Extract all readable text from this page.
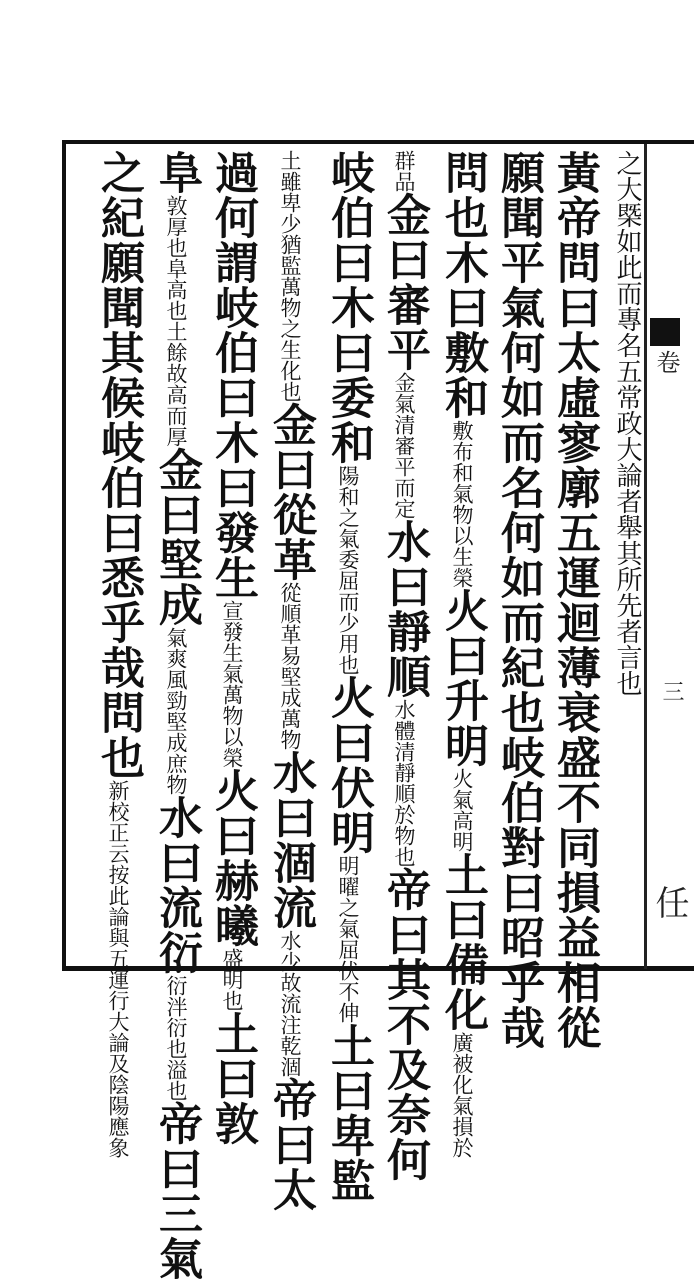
卷
三
任
之大槩如此而專名五常政大論者舉其所先者言也
黃帝問曰太虛寥廓五運迴薄衰盛不同損益相從
願聞平氣何如而名何如而紀也岐伯對曰昭乎哉
問也木曰敷和敷布和氣物以生榮火曰升明火氣高明土曰備化廣被化氣損於
群品金曰審平金氣清審平而定水曰靜順水體清靜順於物也帝曰其不及奈何
岐伯曰木曰委和陽和之氣委屈而少用也火曰伏明明曜之氣屈伏不伸土曰卑監
土雖卑少猶監萬物之生化也金曰從革從順革易堅成萬物水曰涸流水少故流注乾涸帝曰太
過何謂岐伯曰木曰發生宣發生氣萬物以榮火曰赫曦盛明也土曰敦
阜敦厚也阜高也土餘故高而厚金曰堅成氣爽風勁堅成庶物水曰流衍衍泮衍也溢也帝曰三氣
之紀願聞其候岐伯曰悉乎哉問也新校正云按此論與五運行大論及陰陽應象
